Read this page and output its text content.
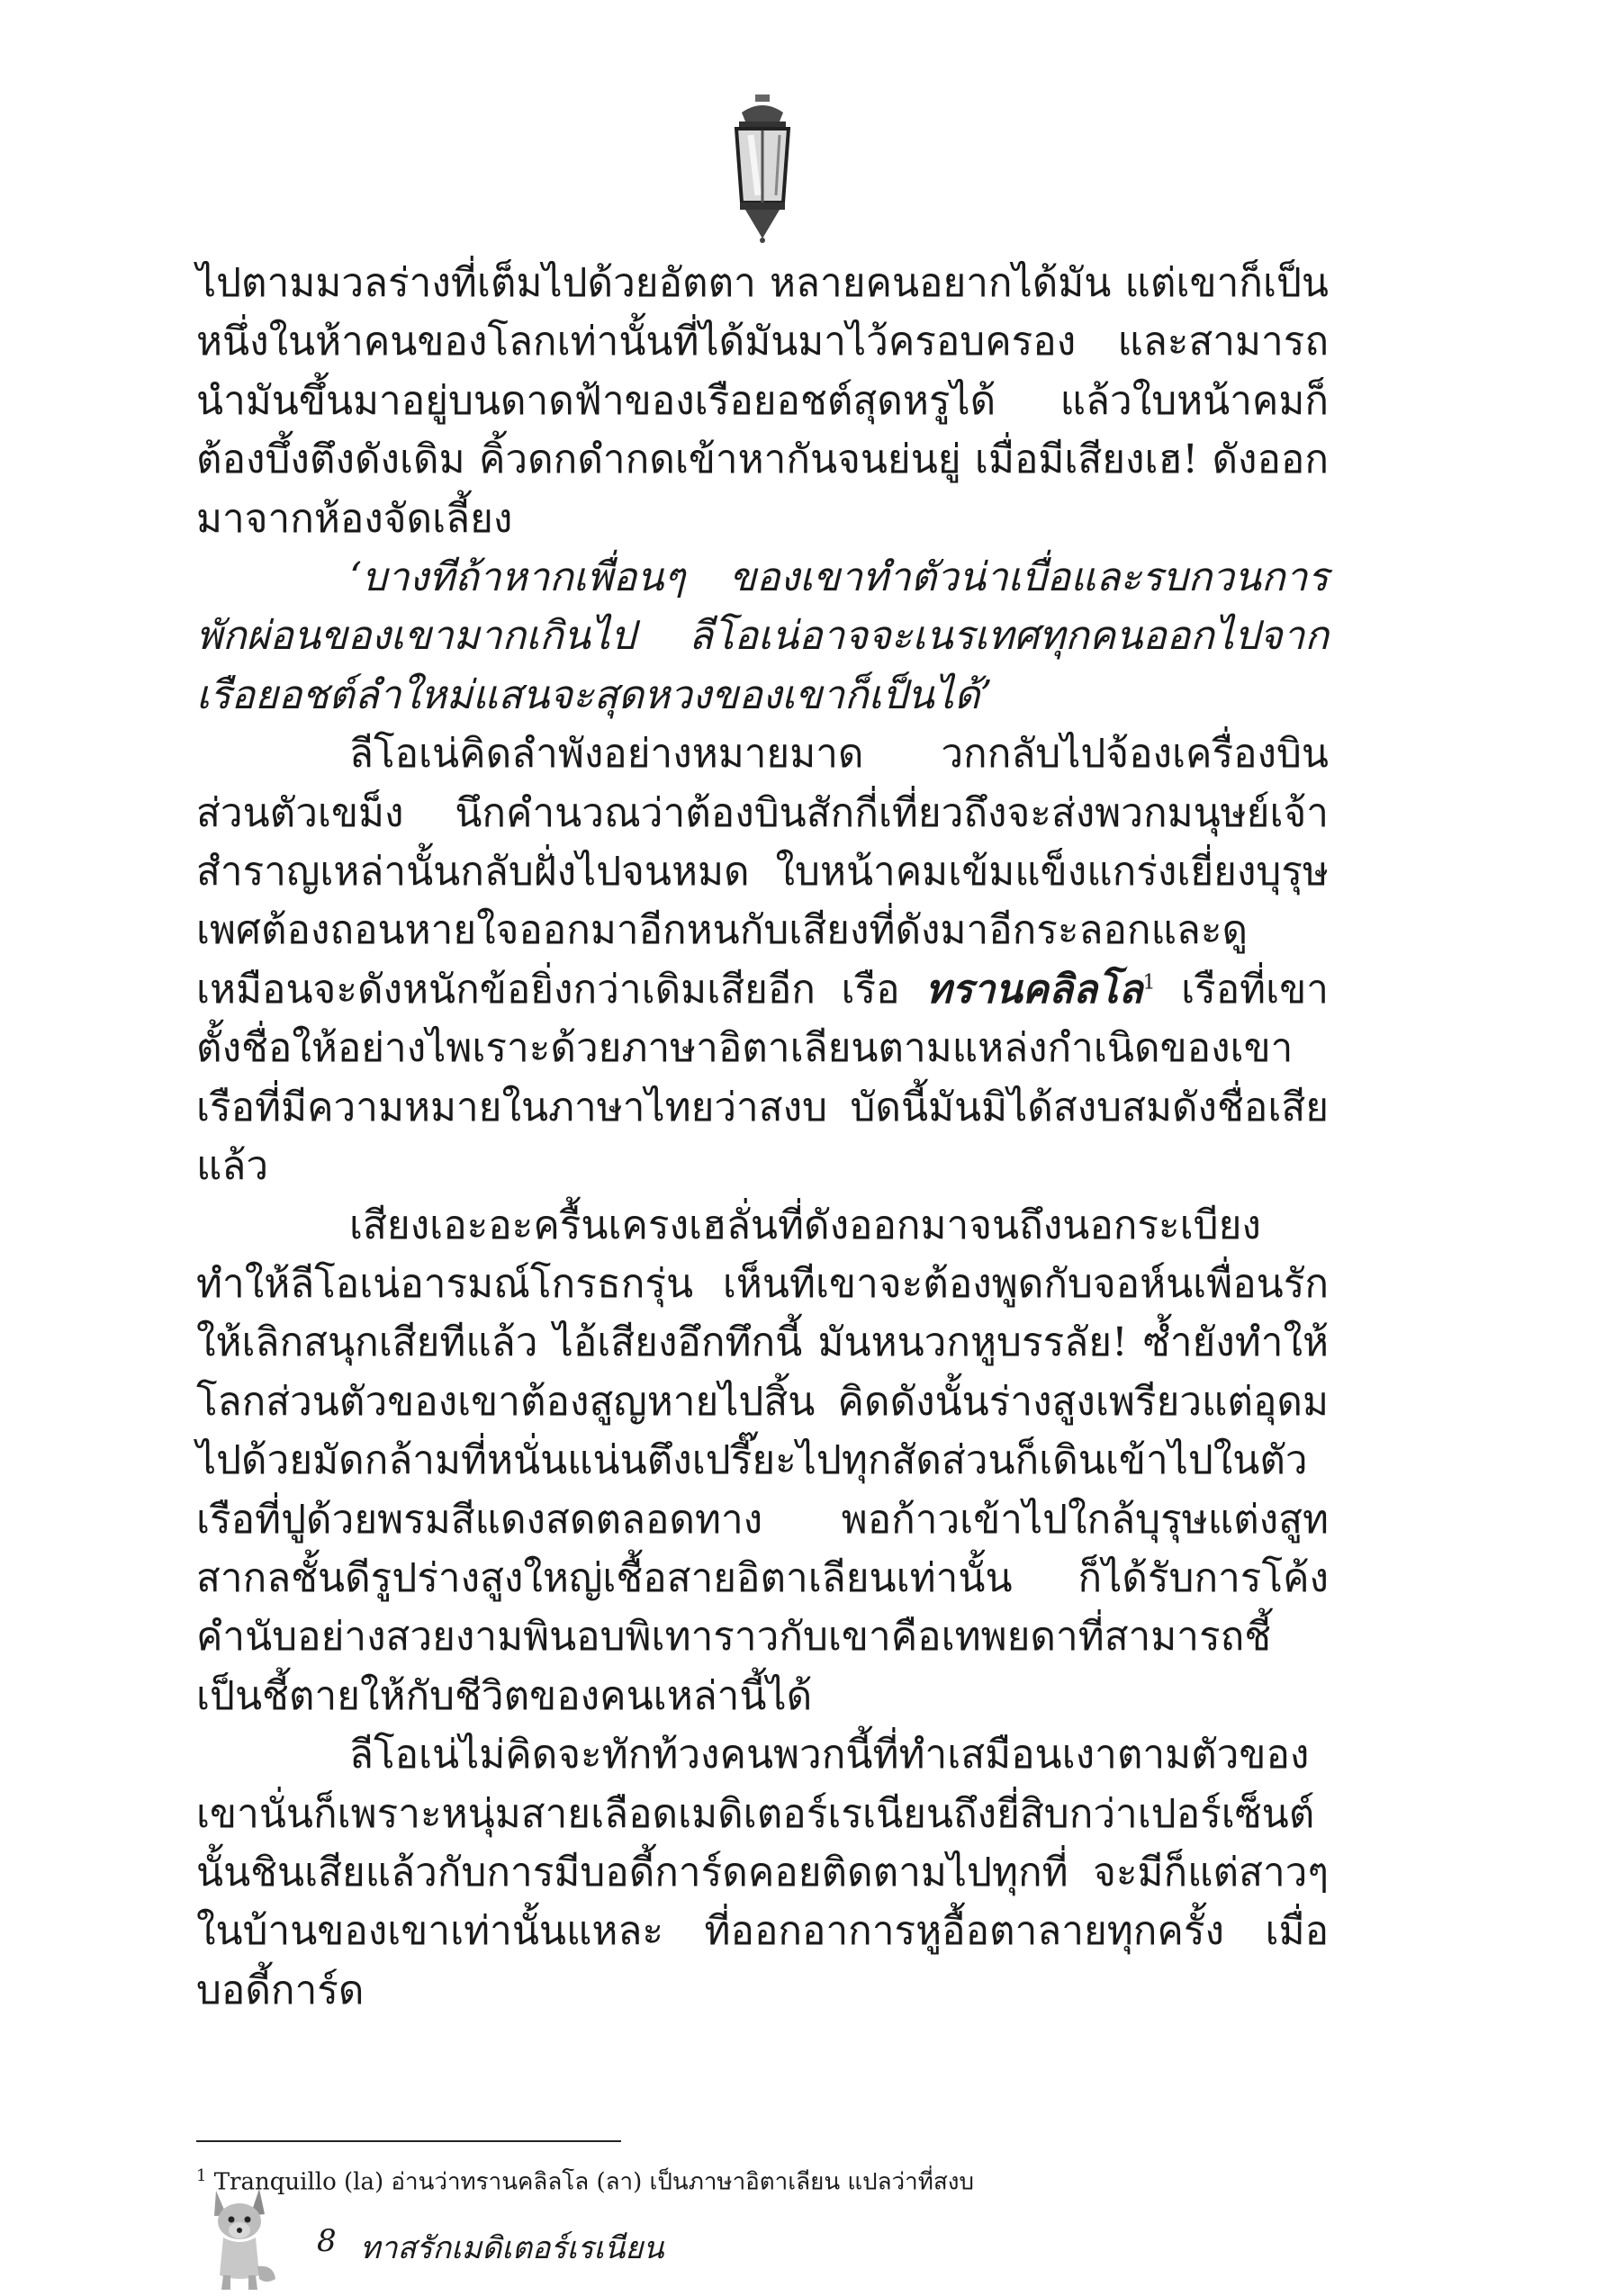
ไปตามมวลร่างที่เต็มไปด้วยอัตตา หลายคนอยากได้มัน แต่เขาก็เป็นหนึ่งในห้าคนของโลกเท่านั้นที่ได้มันมาไว้ครอบครอง และสามารถนำมันขึ้นมาอยู่บนดาดฟ้าของเรือยอชต์สุดหรูได้ แล้วใบหน้าคมก็ต้องบึ้งตึงดังเดิม คิ้วดกดำกดเข้าหากันจนย่นยู่ เมื่อมีเสียงเฮ! ดังออกมาจากห้องจัดเลี้ยง

‘บางทีถ้าหากเพื่อนๆ ของเขาทำตัวน่าเบื่อและรบกวนการพักผ่อนของเขามากเกินไป ลีโอเน่อาจจะเนรเทศทุกคนออกไปจากเรือยอชต์ลำใหม่แสนจะสุดหวงของเขาก็เป็นได้’

ลีโอเน่คิดลำพังอย่างหมายมาด วกกลับไปจ้องเครื่องบินส่วนตัวเขม็ง นึกคำนวณว่าต้องบินสักกี่เที่ยวถึงจะส่งพวกมนุษย์เจ้าสำราญเหล่านั้นกลับฝั่งไปจนหมด ใบหน้าคมเข้มแข็งแกร่งเยี่ยงบุรุษเพศต้องถอนหายใจออกมาอีกหนกับเสียงที่ดังมาอีกระลอกและดูเหมือนจะดังหนักข้อยิ่งกว่าเดิมเสียอีก เรือ ทรานคลิลโล$^1$ เรือที่เขาตั้งชื่อให้อย่างไพเราะด้วยภาษาอิตาเลียนตามแหล่งกำเนิดของเขา เรือที่มีความหมายในภาษาไทยว่าสงบ บัดนี้มันมิได้สงบสมดังชื่อเสียแล้ว

เสียงเอะอะครื้นเครงเฮลั่นที่ดังออกมาจนถึงนอกระเบียงทำให้ลีโอเน่อารมณ์โกรธกรุ่น เห็นทีเขาจะต้องพูดกับจอห์นเพื่อนรักให้เลิกสนุกเสียทีแล้ว ไอ้เสียงอึกทึกนี้ มันหนวกหูบรรลัย! ซ้ำยังทำให้โลกส่วนตัวของเขาต้องสูญหายไปสิ้น คิดดังนั้นร่างสูงเพรียวแต่อุดมไปด้วยมัดกล้ามที่หนั่นแน่นตึงเปรี๊ยะไปทุกสัดส่วนก็เดินเข้าไปในตัวเรือที่ปูด้วยพรมสีแดงสดตลอดทาง พอก้าวเข้าไปใกล้บุรุษแต่งสูทสากลชั้นดีรูปร่างสูงใหญ่เชื้อสายอิตาเลียนเท่านั้น ก็ได้รับการโค้งคำนับอย่างสวยงามพินอบพิเทาราวกับเขาคือเทพยดาที่สามารถชี้เป็นชี้ตายให้กับชีวิตของคนเหล่านี้ได้

ลีโอเน่ไม่คิดจะทักท้วงคนพวกนี้ที่ทำเสมือนเงาตามตัวของเขานั่นก็เพราะหนุ่มสายเลือดเมดิเตอร์เรเนียนถึงยี่สิบกว่าเปอร์เซ็นต์นั้นชินเสียแล้วกับการมีบอดี้การ์ดคอยติดตามไปทุกที่ จะมีก็แต่สาวๆ ในบ้านของเขาเท่านั้นแหละ ที่ออกอาการหูอื้อตาลายทุกครั้ง เมื่อบอดี้การ์ด

$^1$ Tranquillo (la) อ่านว่าทรานคลิลโล (ลา) เป็นภาษาอิตาเลียน แปลว่าที่สงบ
8 ทาสรักเมดิเตอร์เรเนียน
